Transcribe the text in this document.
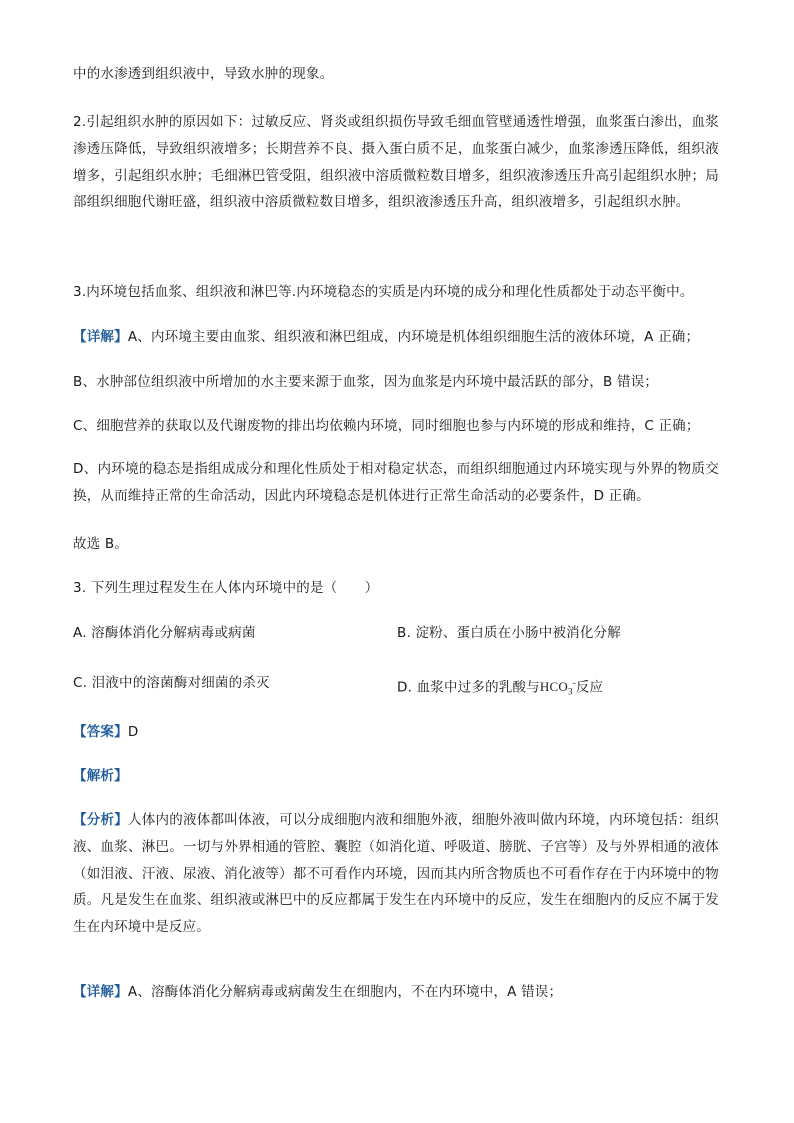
中的水渗透到组织液中，导致水肿的现象。
2.引起组织水肿的原因如下：过敏反应、肾炎或组织损伤导致毛细血管壁通透性增强，血浆蛋白渗出，血浆渗透压降低，导致组织液增多；长期营养不良、摄入蛋白质不足，血浆蛋白减少，血浆渗透压降低，组织液增多，引起组织水肿；毛细淋巴管受阻，组织液中溶质微粒数目增多，组织液渗透压升高引起组织水肿；局部组织细胞代谢旺盛，组织液中溶质微粒数目增多，组织液渗透压升高，组织液增多，引起组织水肿。
3.内环境包括血浆、组织液和淋巴等.内环境稳态的实质是内环境的成分和理化性质都处于动态平衡中。
【详解】A、内环境主要由血浆、组织液和淋巴组成，内环境是机体组织细胞生活的液体环境，A 正确；
B、水肿部位组织液中所增加的水主要来源于血浆，因为血浆是内环境中最活跃的部分，B 错误；
C、细胞营养的获取以及代谢废物的排出均依赖内环境，同时细胞也参与内环境的形成和维持，C 正确；
D、内环境的稳态是指组成成分和理化性质处于相对稳定状态，而组织细胞通过内环境实现与外界的物质交换，从而维持正常的生命活动，因此内环境稳态是机体进行正常生命活动的必要条件，D 正确。
故选 B。
3. 下列生理过程发生在人体内环境中的是（　　）
A. 溶酶体消化分解病毒或病菌	B. 淀粉、蛋白质在小肠中被消化分解
C. 泪液中的溶菌酶对细菌的杀灭	D. 血浆中过多的乳酸与$HCO_3^-$反应
【答案】D
【解析】
【分析】人体内的液体都叫体液，可以分成细胞内液和细胞外液，细胞外液叫做内环境，内环境包括：组织液、血浆、淋巴。一切与外界相通的管腔、囊腔（如消化道、呼吸道、膀胱、子宫等）及与外界相通的液体（如泪液、汗液、尿液、消化液等）都不可看作内环境，因而其内所含物质也不可看作存在于内环境中的物质。凡是发生在血浆、组织液或淋巴中的反应都属于发生在内环境中的反应，发生在细胞内的反应不属于发生在内环境中是反应。
【详解】A、溶酶体消化分解病毒或病菌发生在细胞内，不在内环境中，A 错误；
